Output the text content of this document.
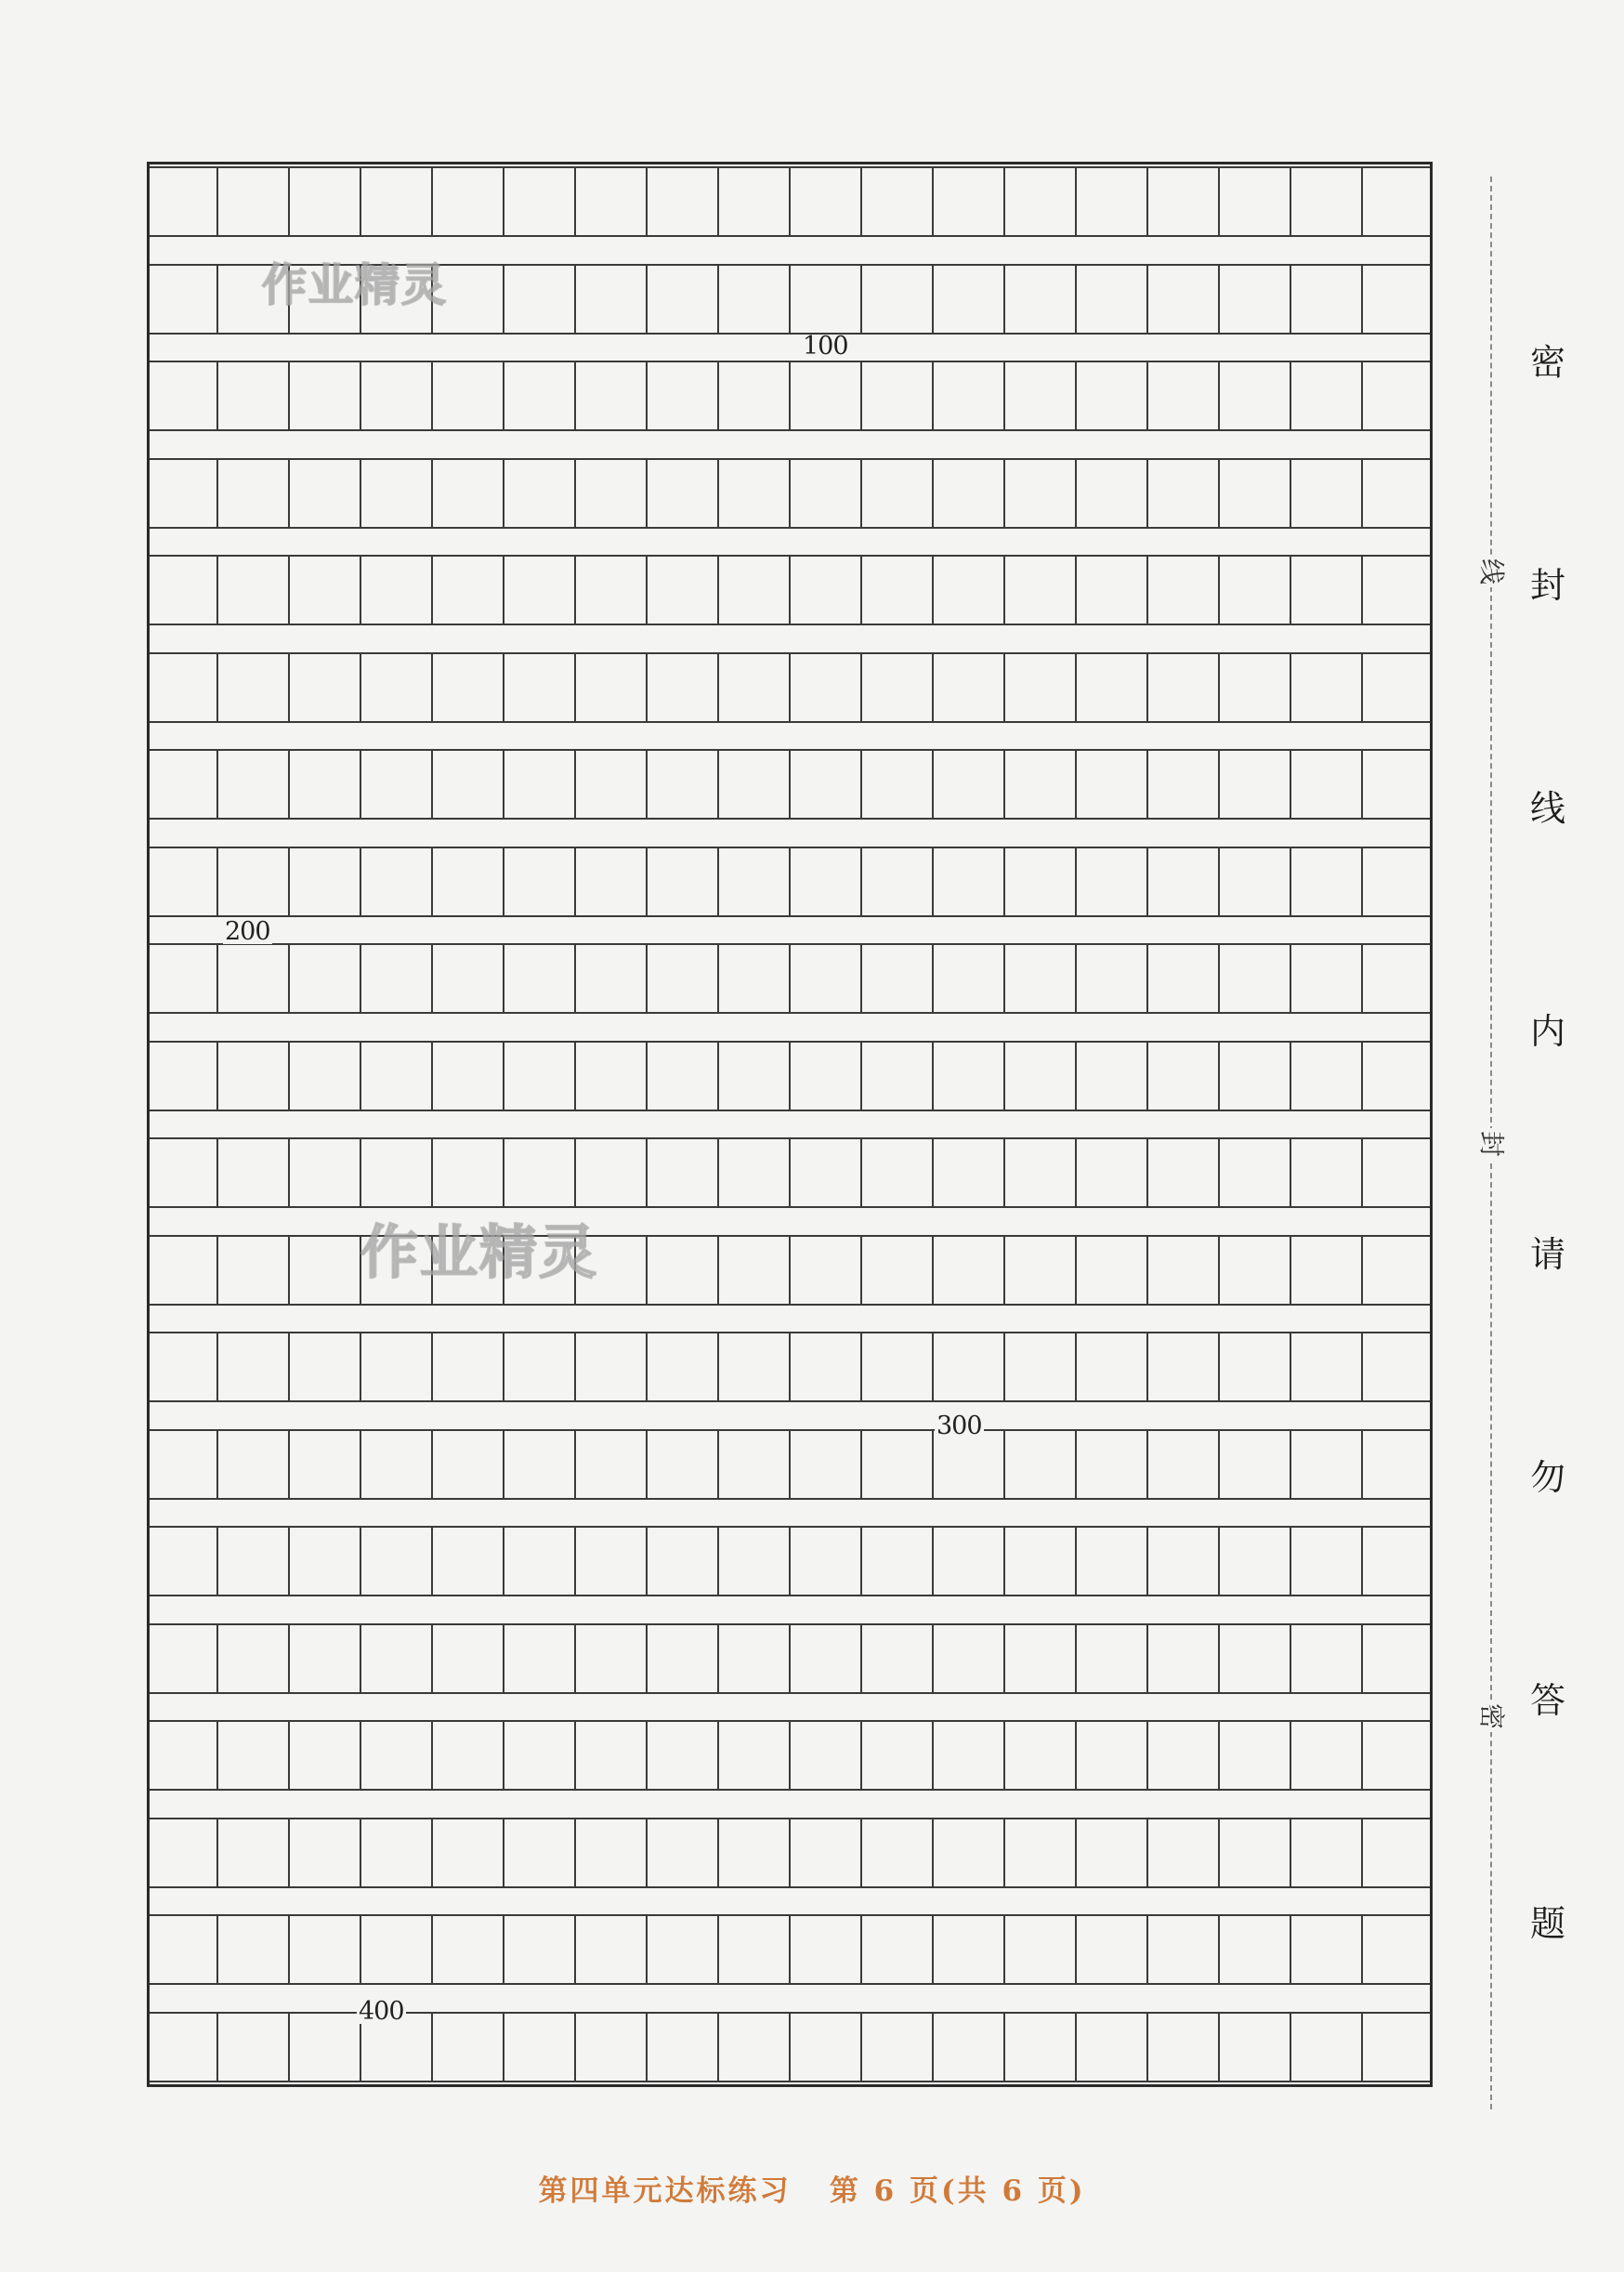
100
200
300
400
作业精灵
作业精灵
线
封
密
密
封
线
内
请
勿
答
题
第四单元达标练习 第 6 页(共 6 页)
